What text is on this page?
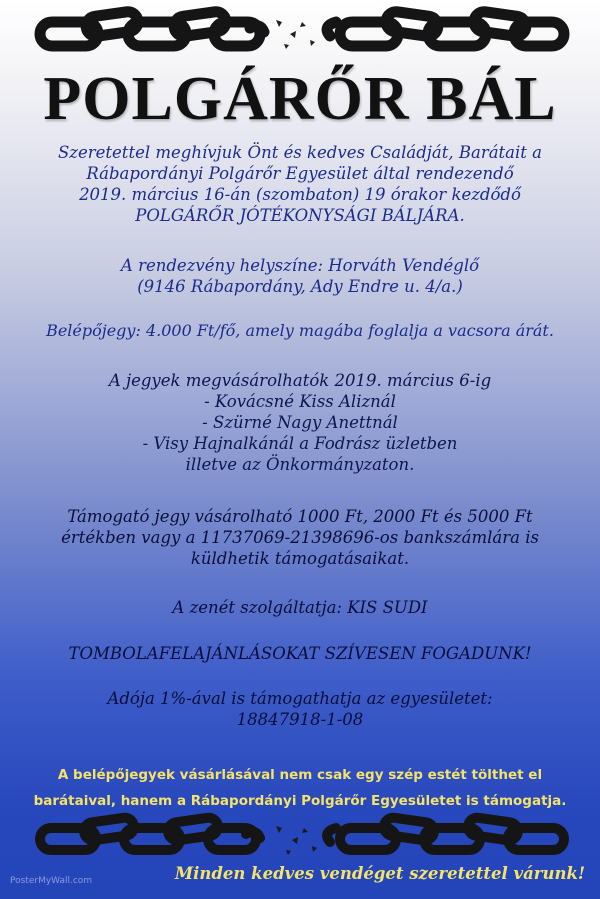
POLGÁRŐR BÁL
Szeretettel meghívjuk Önt és kedves Családját, Barátait a
Rábapordányi Polgárőr Egyesület által rendezendő
2019. március 16-án (szombaton) 19 órakor kezdődő
POLGÁRŐR JÓTÉKONYSÁGI BÁLJÁRA.
A rendezvény helyszíne: Horváth Vendéglő
(9146 Rábapordány, Ady Endre u. 4/a.)
Belépőjegy: 4.000 Ft/fő, amely magába foglalja a vacsora árát.
A jegyek megvásárolhatók 2019. március 6-ig
- Kovácsné Kiss Aliznál
- Szürné Nagy Anettnál
- Visy Hajnalkánál a Fodrász üzletben
illetve az Önkormányzaton.
Támogató jegy vásárolható 1000 Ft, 2000 Ft és 5000 Ft
értékben vagy a 11737069-21398696-os bankszámlára is
küldhetik támogatásaikat.
A zenét szolgáltatja: KIS SUDI
TOMBOLAFELAJÁNLÁSOKAT SZÍVESEN FOGADUNK!
Adója 1%-ával is támogathatja az egyesületet:
18847918-1-08
A belépőjegyek vásárlásával nem csak egy szép estét tölthet el
barátaival, hanem a Rábapordányi Polgárőr Egyesületet is támogatja.
PosterMyWall.com	Minden kedves vendéget szeretettel várunk!
